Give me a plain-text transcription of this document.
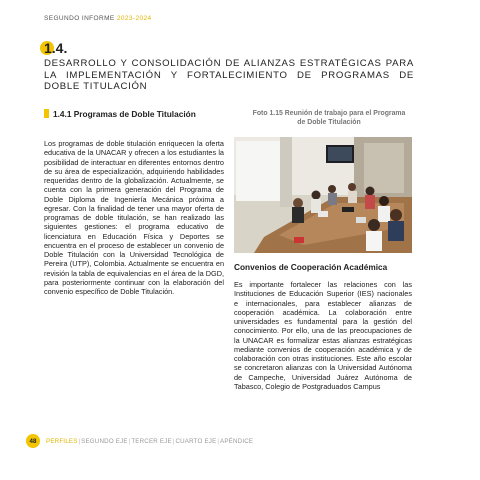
SEGUNDO INFORME 2023-2024
1.4.
DESARROLLO Y CONSOLIDACIÓN DE ALIANZAS ESTRATÉGICAS PARA LA IMPLEMENTACIÓN Y FORTALECIMIENTO DE PROGRAMAS DE DOBLE TITULACIÓN
1.4.1 Programas de Doble Titulación
Los programas de doble titulación enriquecen la oferta educativa de la UNACAR y ofrecen a los estudiantes la posibilidad de interactuar en diferentes entornos dentro de su área de especialización, adquiriendo habilidades requeridas dentro de la globalización. Actualmente, se cuenta con la primera generación del Programa de Doble Diploma de Ingeniería Mecánica próxima a egresar. Con la finalidad de tener una mayor oferta de programas de doble titulación, se han realizado las siguientes gestiones: el programa educativo de licenciatura en Educación Física y Deportes se encuentra en el proceso de establecer un convenio de Doble Titulación con la Universidad Tecnológica de Pereira (UTP), Colombia. Actualmente se encuentra en revisión la tabla de equivalencias en el área de la DGD, para posteriormente continuar con la elaboración del convenio específico de Doble Titulación.
Foto 1.15 Reunión de trabajo para el Programa de Doble Titulación
Convenios de Cooperación Académica
Es importante fortalecer las relaciones con las Instituciones de Educación Superior (IES) nacionales e internacionales, para establecer alianzas de cooperación académica. La colaboración entre universidades es fundamental para la gestión del conocimiento. Por ello, una de las preocupaciones de la UNACAR es formalizar estas alianzas estratégicas mediante convenios de cooperación académica y de colaboración con otras instituciones. Este año escolar se concretaron alianzas con la Universidad Autónoma de Campeche, Universidad Juárez Autónoma de Tabasco, Colegio de Postgraduados Campus
48	PERFILES | SEGUNDO EJE | TERCER EJE | CUARTO EJE | APÉNDICE
